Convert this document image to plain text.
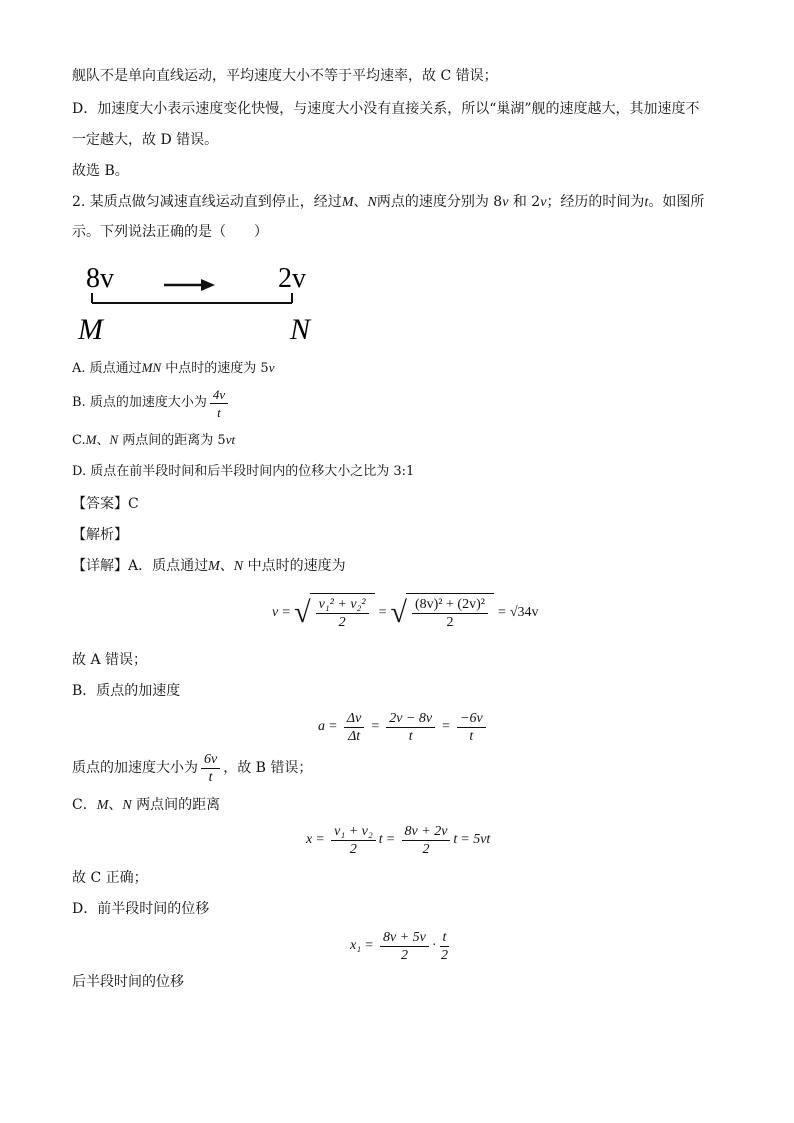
舰队不是单向直线运动，平均速度大小不等于平均速率，故 C 错误；
D．加速度大小表示速度变化快慢，与速度大小没有直接关系，所以“巢湖”舰的速度越大，其加速度不
一定越大，故 D 错误。
故选 B。
2. 某质点做匀减速直线运动直到停止，经过M、N两点的速度分别为 8v 和 2v；经历的时间为t。如图所
示。下列说法正确的是（　　）
8v	2v
M	N
A. 质点通过MN 中点时的速度为 5v
B. 质点的加速度大小为 $\frac{4v}{t}$
C.M、N 两点间的距离为 5vt
D. 质点在前半段时间和后半段时间内的位移大小之比为 3:1
【答案】C
【解析】
【详解】A．质点通过M、N 中点时的速度为
v = √ $\frac{\text{v₁² + v₂²}}{2}$ = √ $\frac{\text{(8v)² + (2v)²}}{2} = √34v$
故 A 错误；
B．质点的加速度
$a = \frac{\Delta v}{\Delta t} = \frac{2v - 8v}{t} = \frac{-6v}{t}$
质点的加速度大小为 $\frac{6v}{t}$ ，故 B 错误；
C．M、N 两点间的距离
$x = \frac{\text{v₁ + v₂}}{2}$ $t = \frac{8v + 2v}{2}$ t = 5vt
故 C 正确；
D．前半段时间的位移
$x_1 = \frac{8v + 5v}{2} \cdot \frac{t}{2}$
后半段时间的位移
